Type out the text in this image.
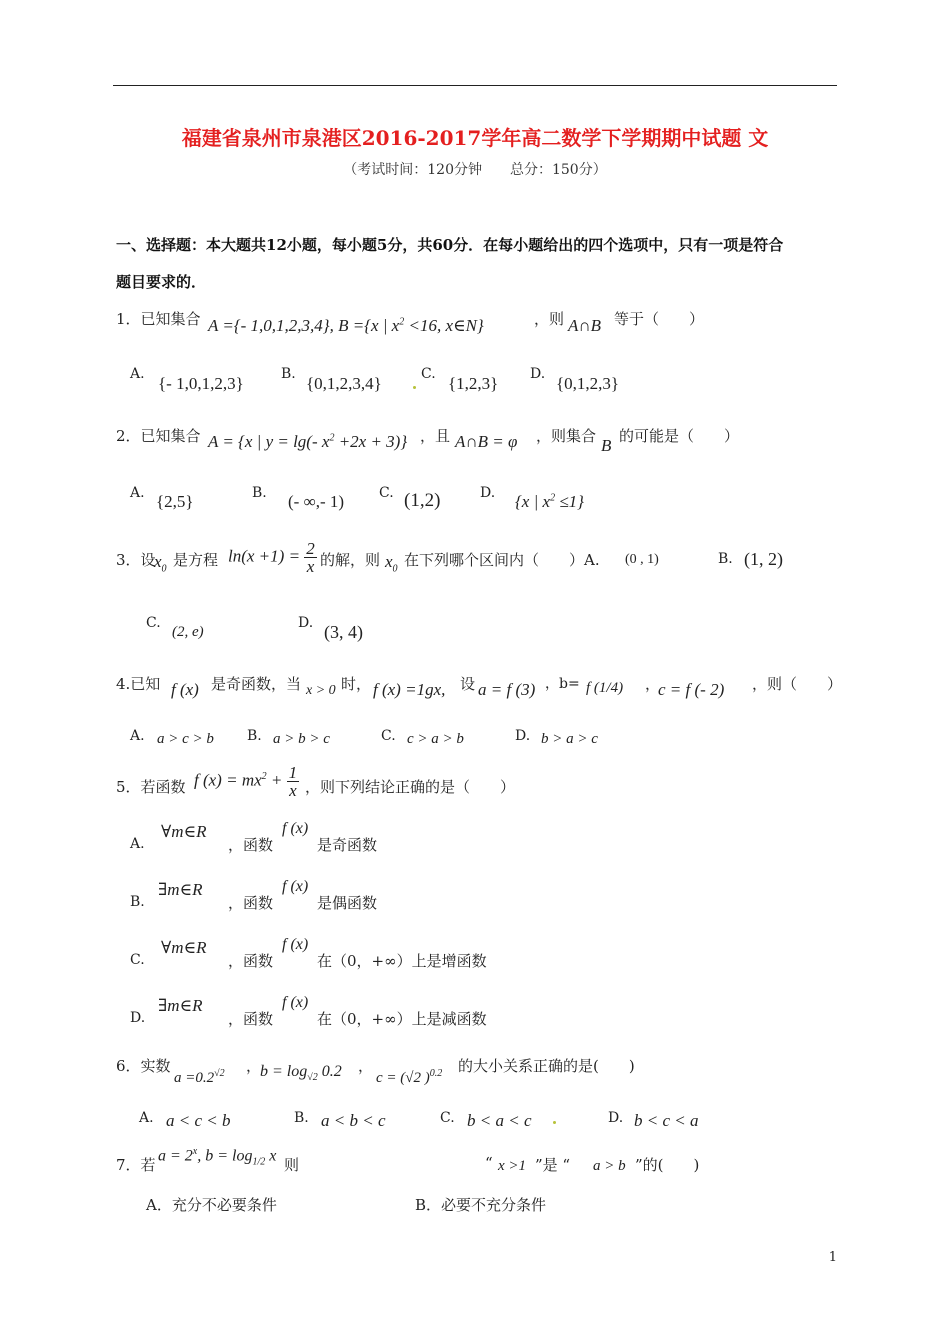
福建省泉州市泉港区2016-2017学年高二数学下学期期中试题 文
（考试时间：120分钟　　总分：150分）
一、选择题：本大题共12小题，每小题5分，共60分．在每小题给出的四个选项中，只有一项是符合
题目要求的．
1．已知集合 A ={- 1,0,1,2,3,4}, B ={x | $x^2 <16$, x∈N}	，则 A∩B 等于（　　）
A. {- 1,0,1,2,3}	B. {0,1,2,3,4}	C. {1,2,3} D. {0,1,2,3}
2．已知集合 A = {x | y = lg(- $x^2 +2x + 3$)} ，且 A∩B = φ ，则集合 B 的可能是（　　）
A. {2,5}	B. (- ∞,- 1) C. (1,2)	D. {x | $x^2 \le 1$}
3．设
$x_0$ 是方程 $\ln(x +1) = \frac{2}{x}$ 的解，则 $x_0$ 在下列哪个区间内（　　）A. (0 , 1)	B. (1, 2)
C.
(2, e)
D. (3, 4)
4.已知 f (x) 是奇函数，当 x > 0 时， f (x) =1gx, 设 a = f (3) ，b= f (1/4) ，
c = f (- 2) ，则（　　）
A. a > c > b B. a > b > c	C. c > a > b	D. b > a > c
5．若函数 f $(x) = mx^2 + \frac{1}{x}$ ，则下列结论正确的是（　　）
A.
∀m∈R
，函数
f (x)
是奇函数
B.
∃m∈R
，函数
f (x)
是偶函数
C.
∀m∈R
，函数
f (x)
在（0，+∞）上是增函数
D.
∃m∈R
，函数
f (x)
在（0，+∞）上是减函数
6．实数
$a =0.2^{√2}$ ，
$b = \log_{√2} 0.2$ ，
c = (√2 )$^{0.2}$ 的大小关系正确的是(　　)
A. a < c < b	B. a < b < c	C. b < a < c	D. b < c < a
7．若
$a = 2^x$, $b = \log_{1/2} x$
则	“ x >1 ”是 “ a > b ”的(　　)
A．充分不必要条件	B．必要不充分条件
1
